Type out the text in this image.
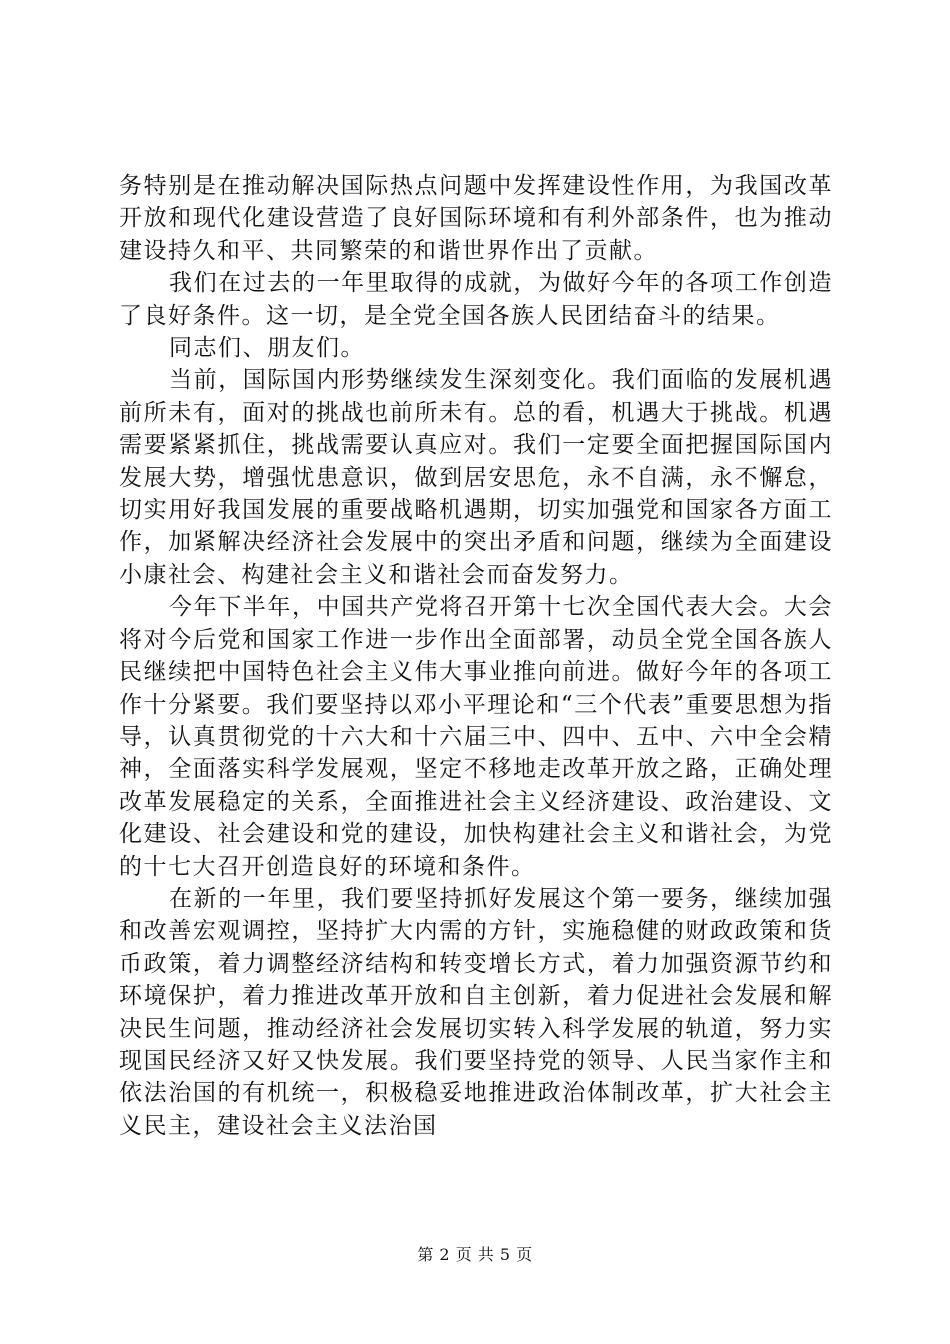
务特别是在推动解决国际热点问题中发挥建设性作用，为我国改革开放和现代化建设营造了良好国际环境和有利外部条件，也为推动建设持久和平、共同繁荣的和谐世界作出了贡献。

我们在过去的一年里取得的成就，为做好今年的各项工作创造了良好条件。这一切，是全党全国各族人民团结奋斗的结果。

同志们、朋友们。

当前，国际国内形势继续发生深刻变化。我们面临的发展机遇前所未有，面对的挑战也前所未有。总的看，机遇大于挑战。机遇需要紧紧抓住，挑战需要认真应对。我们一定要全面把握国际国内发展大势，增强忧患意识，做到居安思危，永不自满，永不懈怠，切实用好我国发展的重要战略机遇期，切实加强党和国家各方面工作，加紧解决经济社会发展中的突出矛盾和问题，继续为全面建设小康社会、构建社会主义和谐社会而奋发努力。

今年下半年，中国共产党将召开第十七次全国代表大会。大会将对今后党和国家工作进一步作出全面部署，动员全党全国各族人民继续把中国特色社会主义伟大事业推向前进。做好今年的各项工作十分紧要。我们要坚持以邓小平理论和“三个代表”重要思想为指导，认真贯彻党的十六大和十六届三中、四中、五中、六中全会精神，全面落实科学发展观，坚定不移地走改革开放之路，正确处理改革发展稳定的关系，全面推进社会主义经济建设、政治建设、文化建设、社会建设和党的建设，加快构建社会主义和谐社会，为党的十七大召开创造良好的环境和条件。

在新的一年里，我们要坚持抓好发展这个第一要务，继续加强和改善宏观调控，坚持扩大内需的方针，实施稳健的财政政策和货币政策，着力调整经济结构和转变增长方式，着力加强资源节约和环境保护，着力推进改革开放和自主创新，着力促进社会发展和解决民生问题，推动经济社会发展切实转入科学发展的轨道，努力实现国民经济又好又快发展。我们要坚持党的领导、人民当家作主和依法治国的有机统一，积极稳妥地推进政治体制改革，扩大社会主义民主，建设社会主义法治国

第 2 页 共 5 页
